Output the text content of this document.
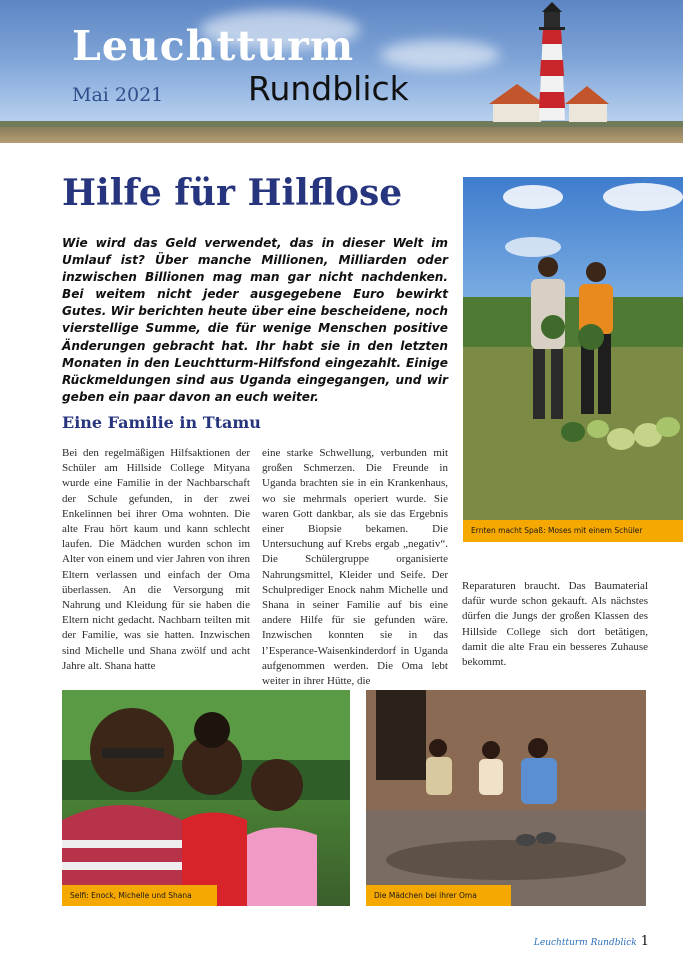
Leuchtturm
Mai 2021	Rundblick
Hilfe für Hilflose

Wie wird das Geld verwendet, das in dieser Welt im Umlauf ist? Über manche Millionen, Milliarden oder inzwischen Billionen mag man gar nicht nachdenken. Bei weitem nicht jeder ausgegebene Euro bewirkt Gutes. Wir berichten heute über eine bescheidene, noch vierstellige Summe, die für wenige Menschen positive Änderungen gebracht hat. Ihr habt sie in den letzten Monaten in den Leuchtturm-Hilfsfond eingezahlt. Einige Rückmeldungen sind aus Uganda eingegangen, und wir geben ein paar davon an euch weiter.

Ernten macht Spaß: Moses mit einem Schüler
Eine Familie in Ttamu

Bei den regelmäßigen Hilfsaktionen der Schüler am Hillside College Mityana wurde eine Familie in der Nachbarschaft der Schule gefunden, in der zwei Enkelinnen bei ihrer Oma wohnten. Die alte Frau hört kaum und kann schlecht laufen. Die Mädchen wurden schon im Alter von einem und vier Jahren von ihren Eltern verlassen und einfach der Oma überlassen. An die Versorgung mit Nahrung und Kleidung für sie haben die Eltern nicht gedacht. Nachbarn teilten mit der Familie, was sie hatten. Inzwischen sind Michelle und Shana zwölf und acht Jahre alt. Shana hatte

eine starke Schwellung, verbunden mit großen Schmerzen. Die Freunde in Uganda brachten sie in ein Krankenhaus, wo sie mehrmals operiert wurde. Sie waren Gott dankbar, als sie das Ergebnis einer Biopsie bekamen. Die Untersuchung auf Krebs ergab „negativ“. Die Schülergruppe organisierte Nahrungsmittel, Kleider und Seife. Der Schulprediger Enock nahm Michelle und Shana in seiner Familie auf bis eine andere Hilfe für sie gefunden wäre. Inzwischen konnten sie in das l’Esperance-Waisenkinderdorf in Uganda aufgenommen werden. Die Oma lebt weiter in ihrer Hütte, die

Reparaturen braucht. Das Baumaterial dafür wurde schon gekauft. Als nächstes dürfen die Jungs der großen Klassen des Hillside College sich dort betätigen, damit die alte Frau ein besseres Zuhause bekommt.

Selfi: Enock, Michelle und Shana	Die Mädchen bei ihrer Oma
Leuchtturm Rundblick 1
